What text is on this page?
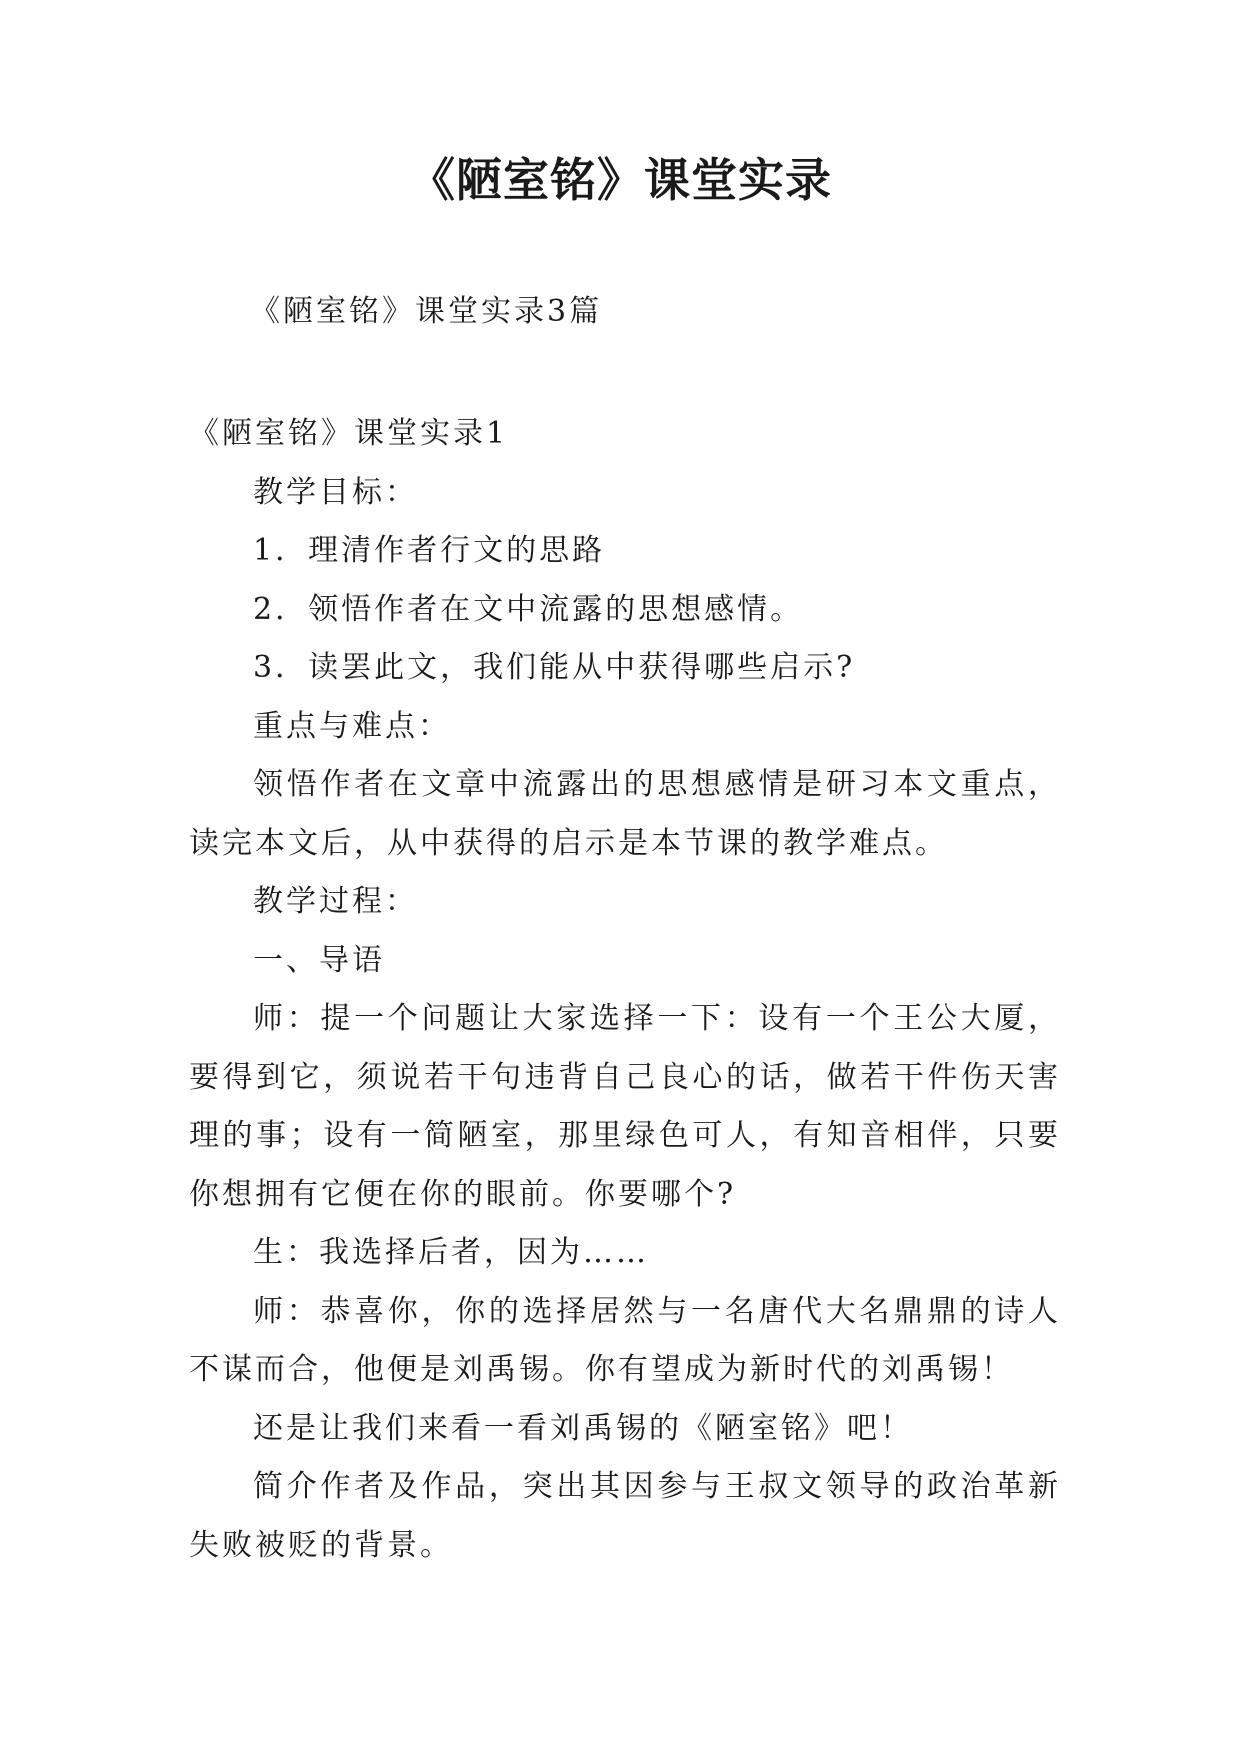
《陋室铭》课堂实录
《陋室铭》课堂实录3篇

《陋室铭》课堂实录1

教学目标：

1．理清作者行文的思路

2．领悟作者在文中流露的思想感情。

3．读罢此文，我们能从中获得哪些启示?

重点与难点：

领悟作者在文章中流露出的思想感情是研习本文重点，读完本文后，从中获得的启示是本节课的教学难点。

教学过程：

一、导语

师：提一个问题让大家选择一下：设有一个王公大厦，要得到它，须说若干句违背自己良心的话，做若干件伤天害理的事；设有一简陋室，那里绿色可人，有知音相伴，只要你想拥有它便在你的眼前。你要哪个?

生：我选择后者，因为……

师：恭喜你，你的选择居然与一名唐代大名鼎鼎的诗人不谋而合，他便是刘禹锡。你有望成为新时代的刘禹锡！

还是让我们来看一看刘禹锡的《陋室铭》吧！

简介作者及作品，突出其因参与王叔文领导的政治革新失败被贬的背景。
